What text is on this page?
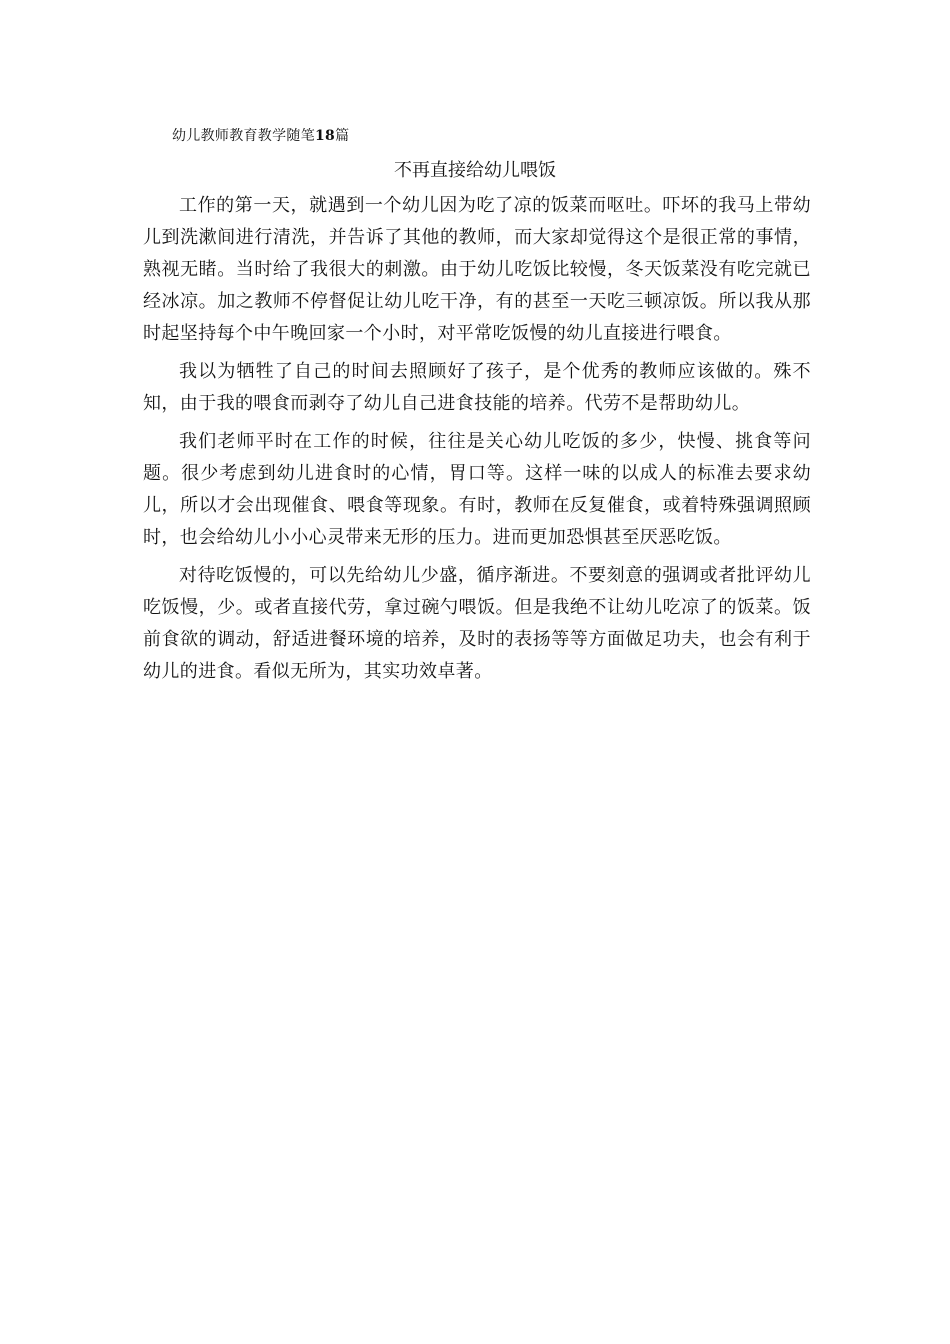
幼儿教师教育教学随笔18篇
不再直接给幼儿喂饭

工作的第一天，就遇到一个幼儿因为吃了凉的饭菜而呕吐。吓坏的我马上带幼儿到洗漱间进行清洗，并告诉了其他的教师，而大家却觉得这个是很正常的事情，熟视无睹。当时给了我很大的刺激。由于幼儿吃饭比较慢，冬天饭菜没有吃完就已经冰凉。加之教师不停督促让幼儿吃干净，有的甚至一天吃三顿凉饭。所以我从那时起坚持每个中午晚回家一个小时，对平常吃饭慢的幼儿直接进行喂食。

我以为牺牲了自己的时间去照顾好了孩子，是个优秀的教师应该做的。殊不知，由于我的喂食而剥夺了幼儿自己进食技能的培养。代劳不是帮助幼儿。

我们老师平时在工作的时候，往往是关心幼儿吃饭的多少，快慢、挑食等问题。很少考虑到幼儿进食时的心情，胃口等。这样一味的以成人的标准去要求幼儿，所以才会出现催食、喂食等现象。有时，教师在反复催食，或着特殊强调照顾时，也会给幼儿小小心灵带来无形的压力。进而更加恐惧甚至厌恶吃饭。

对待吃饭慢的，可以先给幼儿少盛，循序渐进。不要刻意的强调或者批评幼儿吃饭慢，少。或者直接代劳，拿过碗勺喂饭。但是我绝不让幼儿吃凉了的饭菜。饭前食欲的调动，舒适进餐环境的培养，及时的表扬等等方面做足功夫，也会有利于幼儿的进食。看似无所为，其实功效卓著。
